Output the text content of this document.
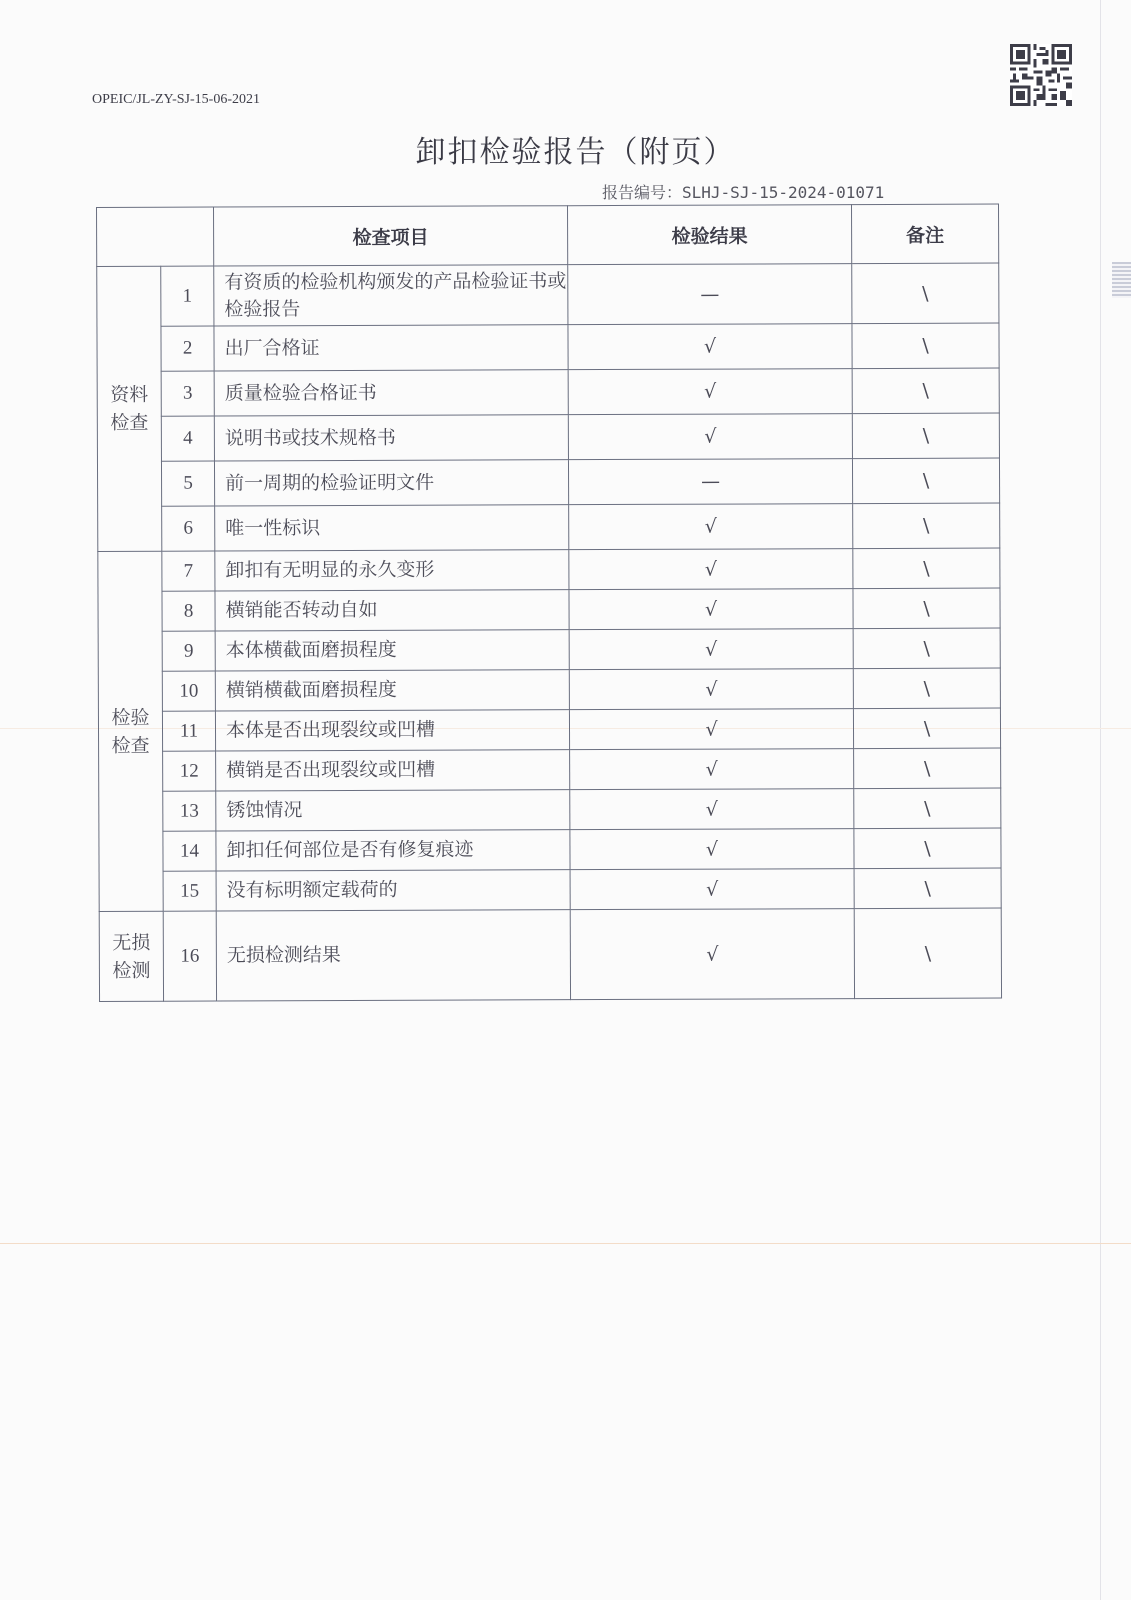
OPEIC/JL-ZY-SJ-15-06-2021
卸扣检验报告（附页）
报告编号：SLHJ-SJ-15-2024-01071
		检查项目	检验结果	备注

资料
检查	1	有资质的检验机构颁发的产品检验证书或检验报告	—	\
	2	出厂合格证	√	\
	3	质量检验合格证书	√	\
	4	说明书或技术规格书	√	\
	5	前一周期的检验证明文件	—	\
	6	唯一性标识	√	\

检验
检查	7	卸扣有无明显的永久变形	√	\
	8	横销能否转动自如	√	\
	9	本体横截面磨损程度	√	\
	10	横销横截面磨损程度	√	\
	11	本体是否出现裂纹或凹槽	√	\
	12	横销是否出现裂纹或凹槽	√	\
	13	锈蚀情况	√	\
	14	卸扣任何部位是否有修复痕迹	√	\
	15	没有标明额定载荷的	√	\

无损
检测	16	无损检测结果	√	\
